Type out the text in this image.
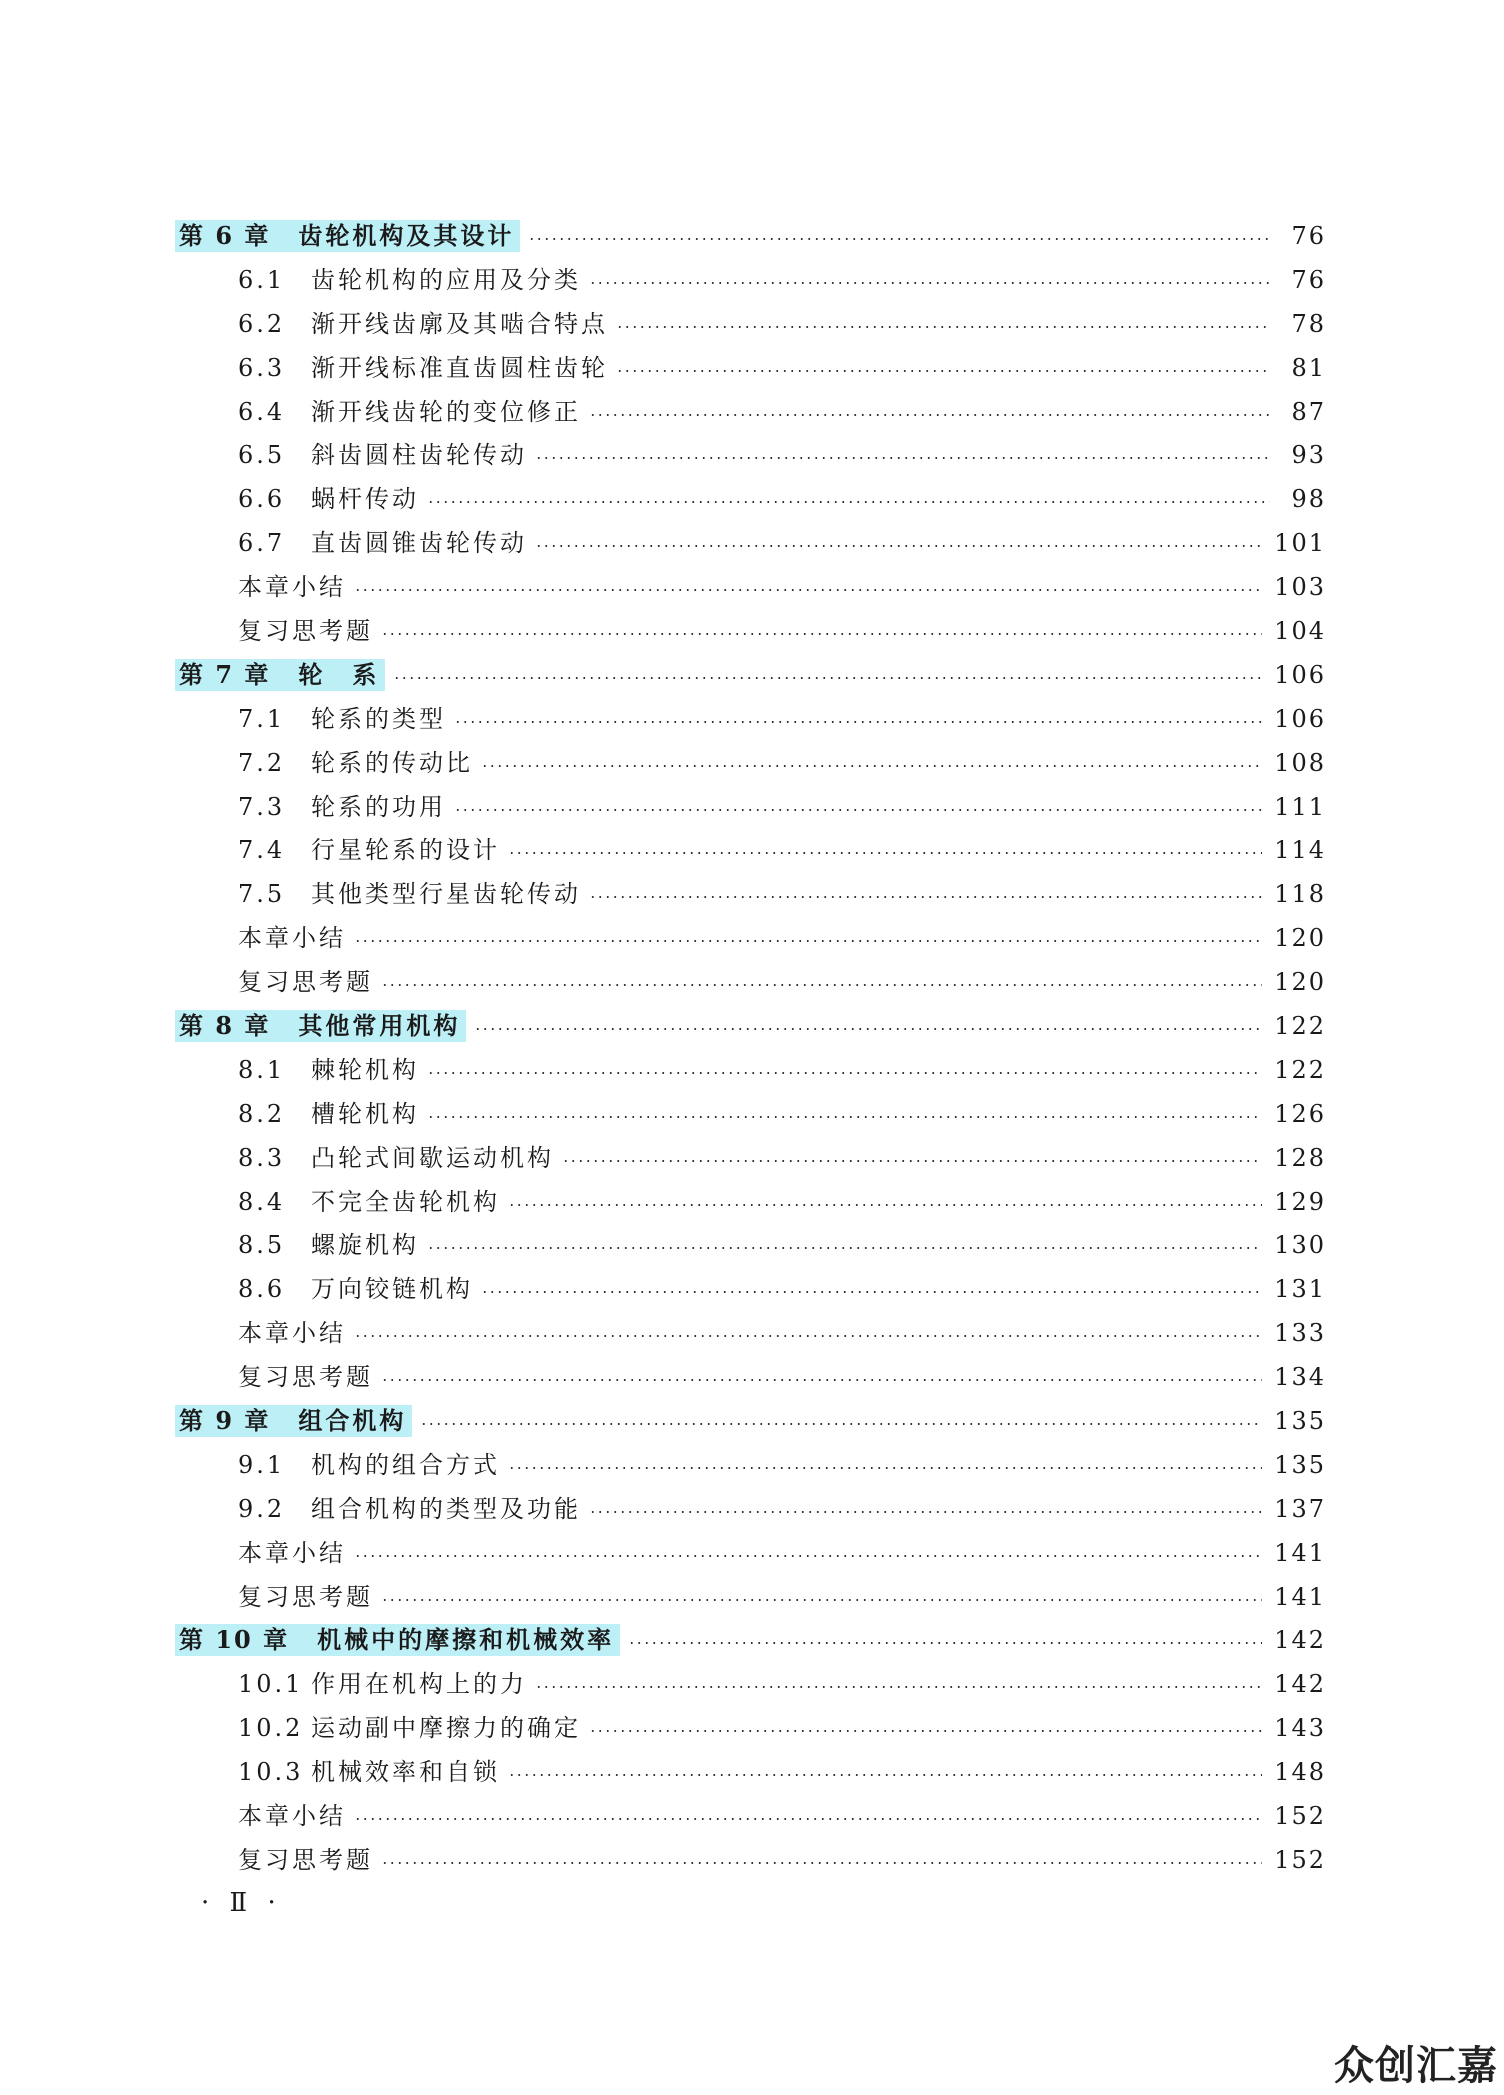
第 6 章 齿轮机构及其设计	76
6.1	齿轮机构的应用及分类	76
6.2	渐开线齿廓及其啮合特点	78
6.3	渐开线标准直齿圆柱齿轮	81
6.4	渐开线齿轮的变位修正	87
6.5	斜齿圆柱齿轮传动	93
6.6	蜗杆传动	98
6.7	直齿圆锥齿轮传动	101
本章小结	103
复习思考题	104
第 7 章 轮　系	106
7.1	轮系的类型	106
7.2	轮系的传动比	108
7.3	轮系的功用	111
7.4	行星轮系的设计	114
7.5	其他类型行星齿轮传动	118
本章小结	120
复习思考题	120
第 8 章 其他常用机构	122
8.1	棘轮机构	122
8.2	槽轮机构	126
8.3	凸轮式间歇运动机构	128
8.4	不完全齿轮机构	129
8.5	螺旋机构	130
8.6	万向铰链机构	131
本章小结	133
复习思考题	134
第 9 章 组合机构	135
9.1	机构的组合方式	135
9.2	组合机构的类型及功能	137
本章小结	141
复习思考题	141
第 10 章 机械中的摩擦和机械效率	142
10.1 作用在机构上的力	142
10.2 运动副中摩擦力的确定	143
10.3 机械效率和自锁	148
本章小结	152
复习思考题	152
· Ⅱ ·
众创汇嘉
